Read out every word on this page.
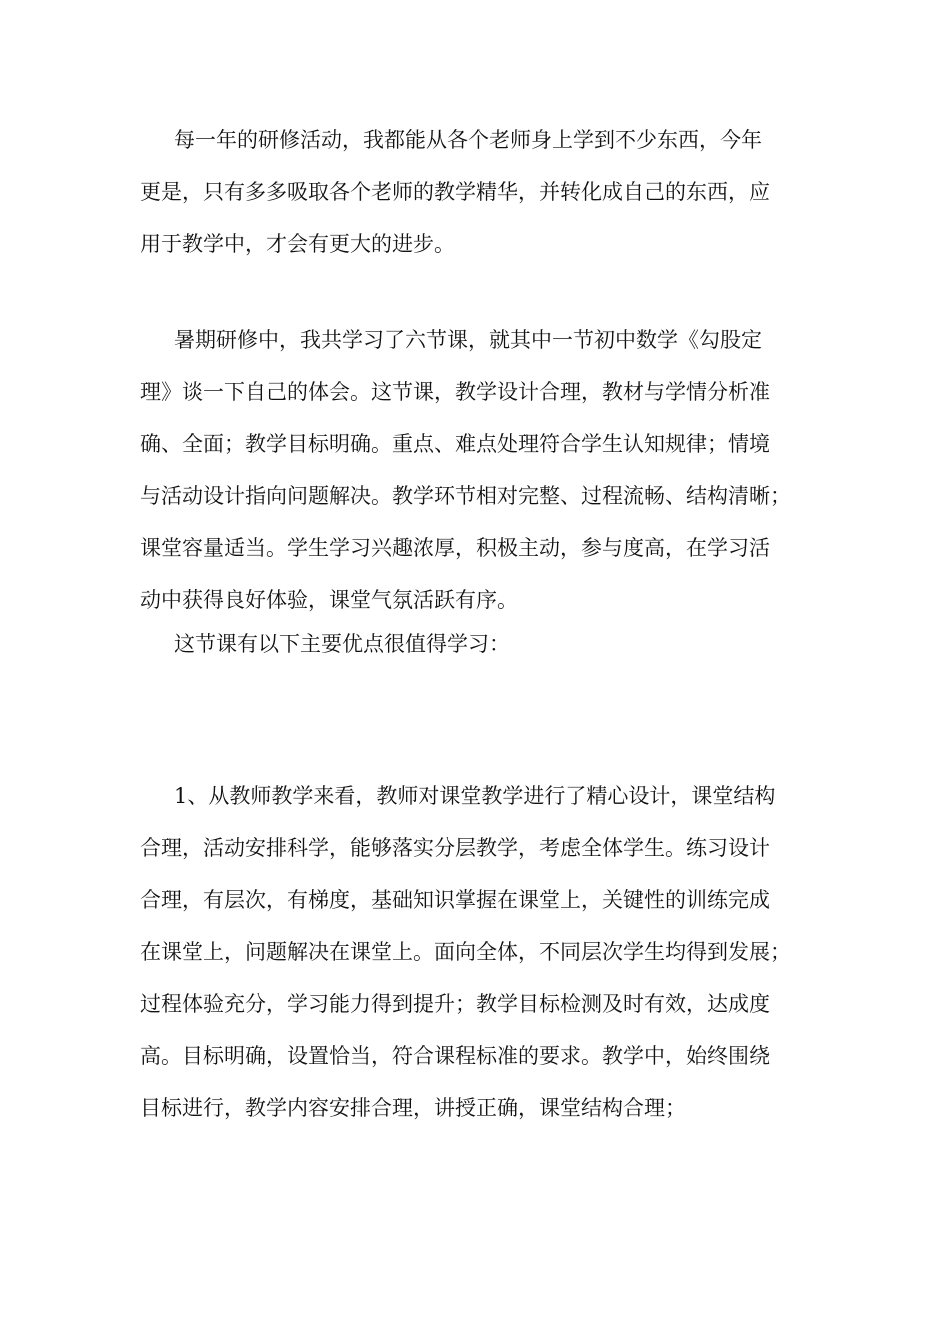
每一年的研修活动，我都能从各个老师身上学到不少东西，今年
更是，只有多多吸取各个老师的教学精华，并转化成自己的东西，应
用于教学中，才会有更大的进步。

暑期研修中，我共学习了六节课，就其中一节初中数学《勾股定
理》谈一下自己的体会。这节课，教学设计合理，教材与学情分析准
确、全面；教学目标明确。重点、难点处理符合学生认知规律；情境
与活动设计指向问题解决。教学环节相对完整、过程流畅、结构清晰；
课堂容量适当。学生学习兴趣浓厚，积极主动，参与度高，在学习活
动中获得良好体验，课堂气氛活跃有序。

这节课有以下主要优点很值得学习：

1、从教师教学来看，教师对课堂教学进行了精心设计，课堂结构
合理，活动安排科学，能够落实分层教学，考虑全体学生。练习设计
合理，有层次，有梯度，基础知识掌握在课堂上，关键性的训练完成
在课堂上，问题解决在课堂上。面向全体，不同层次学生均得到发展；
过程体验充分，学习能力得到提升；教学目标检测及时有效，达成度
高。目标明确，设置恰当，符合课程标准的要求。教学中，始终围绕
目标进行，教学内容安排合理，讲授正确，课堂结构合理；
